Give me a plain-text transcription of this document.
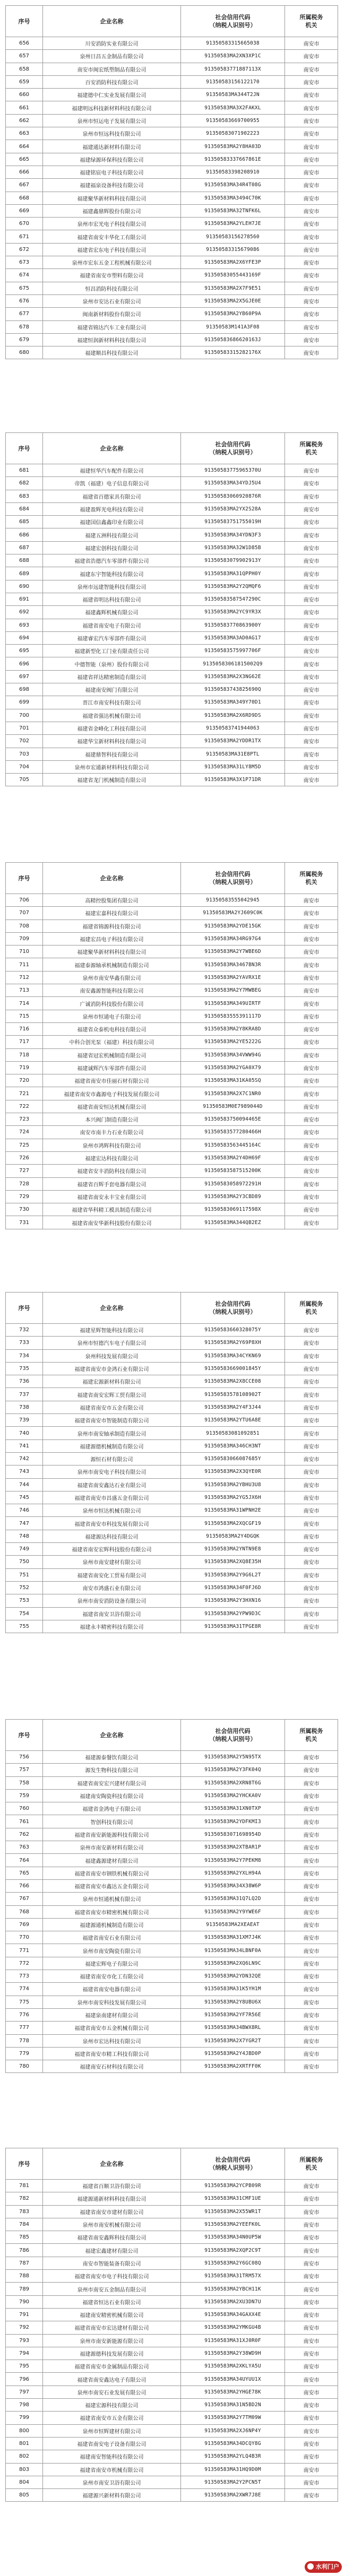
序号	企业名称	社会信用代码
（纳税人识别号）	所属税务
机关
656	川安消防实业有限公司	91350583315665038	南安市
657	泉州日昌五金制品有限公司	91350583MA2XN3XP1C	南安市
658	南安市闽宏纸塑制品有限公司	91350583771887113X	南安市
659	百安消防科技有限公司	91350583156122170	南安市
660	福建德中仁实业发展有限公司	91350583MA344T2JN	南安市
661	福建明远科技新材料科技有限公司	91350583MA3X2FAKXL	南安市
662	泉州市恒运电子发展有限公司	91350583669700955	南安市
663	泉州市恒远科技有限公司	91350583071902223	南安市
664	福建通达新材料有限公司	91350583MA2Y8HA03D	南安市
665	福建绿源环保科技有限公司	91350583337667861E	南安市
666	福建铭宸电子科技有限公司	91350583398208910	南安市
667	福建福泉设备科技有限公司	91350583MA34R4T08G	南安市
668	福建聚华新材料科技有限公司	91350583MA3494C70K	南安市
669	福建鑫鼎辉股份有限公司	91350583MA32TNFK6L	南安市
670	泉州市宏光电子科技有限公司	91350583MA2YLEH7JE	南安市
671	福建省南安丰华化工有限公司	91350583156278560	南安市
672	福建省宏东电子科技有限公司	91350583315679086	南安市
673	泉州市宏东五金工程机械有限公司	91350583MA2X6YFE3P	南安市
674	福建省南安市塑料有限公司	91350583055443169F	南安市
675	恒昌消防科技有限公司	91350583MA2X7F9E51	南安市
676	泉州市安达石业有限公司	91350583MA2X5GJE0E	南安市
677	闽南新材料股份有限公司	91350583MA2YB60P9A	南安市
678	福建省锦达汽车工业有限公司	91350583M141A3F08	南安市
679	福建恒润新材料科技有限公司	91350583686620163J	南安市
680	福建顺昌科技有限公司	91350583315282176X	南安市
序号	企业名称	社会信用代码
（纳税人识别号）	所属税务
机关
681	福建恒华汽车配件有限公司	91350583775965370U	南安市
682	帝凯（福建）电子信息有限公司	91350583MA34YDJ5U4	南安市
683	福建省百德家具有限公司	91350583060920876R	南安市
684	福建盈辉光电科技有限公司	91350583MA2YX2S28A	南安市
685	福建国信鑫鑫印业有限公司	91350583751755019H	南安市
686	福建五洲科技有限公司	91350583MA34YDN3F3	南安市
687	福建宏创科技有限公司	91350583MA32W1D85B	南安市
688	福建省浩德汽车零部件有限公司	91350583079902913Y	南安市
689	福建东宇智能科技有限公司	91350583MA31QPPH0Y	南安市
690	泉州市远建智能科技有限公司	91350583MA2Y2QMQF6	南安市
691	福建省明达科技有限公司	91350583587547290C	南安市
692	福建鑫辉机械有限公司	91350583MA2YC9YR3X	南安市
693	福建省南安电子有限公司	91350583770863900Y	南安市
694	福建睿宏汽车零部件有限公司	91350583MA3AD0AG17	南安市
695	福建新型化工门业有限责任公司	91350583575997706F	南安市
696	中德智能（泉州）股份有限公司	91350583061815002Q9	南安市
697	福建省祥达精密制造有限公司	91350583MA2X3NG62E	南安市
698	福建南安阀门有限公司	91350583743825690Q	南安市
699	晋江市南安科技有限公司	91350583MA349Y70D1	南安市
700	福建省强达机械有限公司	91350583MA2X6RD9DS	南安市
701	福建省金峰化工科技有限公司	91350583741944063	南安市
702	福建华宝新材料科技有限公司	91350583MA2YDDR1TX	南安市
703	福建鼎智科技有限公司	91350583MA31E8PTL	南安市
704	泉州市宏通新材料科技有限公司	91350583MA31LY8M5D	南安市
705	福建省龙门机械制造有限公司	91350583MA3X1P71DR	南安市
序号	企业名称	社会信用代码
（纳税人识别号）	所属税务
机关
706	高精控股集团有限公司	91350583555042945	南安市
707	福建宏嘉科技有限公司	91350583MA2YJ609C0K	南安市
708	福建省锦源科技有限公司	91350583MA2YDE15GK	南安市
709	福建宏昌电子科技有限公司	91350583MA34RG97G4	南安市
710	福建聚华新材料科技有限公司	91350583MA2Y7WBE6D	南安市
711	福建泰源轴承机械制造有限公司	91350583MA3467BN3R	南安市
712	泉州市南安华鑫有限公司	91350583MA2YAVRX1E	南安市
713	南安鑫源智能科技有限公司	91350583MA2Y7MWBEG	南安市
714	广诚消防科技股份有限公司	91350583MA349UIRTF	南安市
715	泉州市恒通电子有限公司	91350583555391117D	南安市
716	福建省众泰机电科技有限公司	91350583MA2Y8KRA8D	南安市
717	中科合创光泵（福建）科技有限公司	91350583MA2YE5222G	南安市
718	福建省冠宏机械制造有限公司	91350583MA34VWW94G	南安市
719	福建诚辉汽车零部件有限公司	91350583MA2YGA0X79	南安市
720	福建省南安市佳丽石材有限公司	91350583MA31KA05SQ	南安市
721	福建省南安市鑫源电子科技发展有限公司	91350583MA2X7C1NR0	南安市
722	福建省南安恒达机械有限公司	91350583M0E7989044D	南安市
723	本兴阀门制造有限公司	91350583750094465E	南安市
724	南安市南丰力石业有限公司	91350583577280466H	南安市
725	泉州市鸿辉科技有限公司	91350583563445164C	南安市
726	福建宏达科技有限公司	91350583MA2Y4DH69F	南安市
727	福建省安丰消防科技有限公司	91350583587515200K	南安市
728	福建省百辉手套电器有限公司	91350583058972291H	南安市
729	福建省南安永丰宝业有限公司	91350583MA2Y3CBD89	南安市
730	福建省华科精工模具制造有限公司	91350583069117598X	南安市
731	福建省南安华新科技股份有限公司	91350583MA344QB2EZ	南安市
序号	企业名称	社会信用代码
（纳税人识别号）	所属税务
机关
732	福建星辉智能科技有限公司	91350583660328075Y	南安市
733	泉州市恒德汽车电子有限公司	91350583MA2Y69P8XH	南安市
734	泉州科技发展有限公司	91350583MA34CYKN69	南安市
735	福建省南安市金鸿石业有限公司	91350583669001845Y	南安市
736	福建宏源新材料有限公司	91350583MA2X8CCE08	南安市
737	福建省南安宏辉工贸有限公司	91350583578108902T	南安市
738	福建省南安市五金有限公司	91350583MA2Y4F3J44	南安市
739	福建省南安市智能制造有限公司	91350583MA2YTU6A8E	南安市
740	泉州市南安轴承制造有限公司	91350583081092851	南安市
741	福建源德机械制造有限公司	91350583MA346CH3NT	南安市
742	源恒石材有限公司	91350583066087685Y	南安市
743	泉州市南安电子科技有限公司	91350583MA2X3QYE0R	南安市
744	福建省南安鑫达石业有限公司	91350583MA2YBHU3U8	南安市
745	福建省南安市昌盛五金有限公司	91350583MA2YG5JX6H	南安市
746	泉州市恒达机械有限公司	91350583MA31WPNH2E	南安市
747	福建省南安市科技发展有限公司	91350583MA2XQCGF19	南安市
748	福建源达科技有限公司	91350583MA2Y4DGQK	南安市
749	福建省南安宏辉科技股份有限公司	91350583MA2YNTN9E8	南安市
750	泉州市南安建材有限公司	91350583MA2XQ8E35H	南安市
751	福建省南安化工贸易有限公司	91350583MA2Y9G6L2T	南安市
752	南安市鸿盛石业有限公司	91350583MA34F0FJ6D	南安市
753	泉州市南安消防设备有限公司	91350583MA2Y3HXN16	南安市
754	福建省南安卫浴有限公司	91350583MA2YPW9D3C	南安市
755	福建永丰精密科技有限公司	91350583MA31TPGE8R	南安市
序号	企业名称	社会信用代码
（纳税人识别号）	所属税务
机关
756	福建源泰餐饮有限公司	91350583MA2Y5N95TX	南安市
757	源发生物科技有限公司	91350583MA2Y3FK04Q	南安市
758	福建省南安宏兴建材有限公司	91350583MA2XRN8T6G	南安市
759	福建南安陶瓷科技有限公司	91350583MA2YHCKA0V	南安市
760	福建省金鸿电子有限公司	91350583MA31XN0TXP	南安市
761	智创科技有限公司	91350583MA2YDFKMI3	南安市
762	福建省南安新能源科技有限公司	91350583071698954D	南安市
763	泉州市南安新材料有限公司	91350583MA2XTBAR1P	南安市
764	福建鑫源建材有限公司	91350583MA2Y7PEKM8	南安市
765	福建省南安市钢铁机械有限公司	91350583MA2YXLH94A	南安市
766	福建省南安市鑫达五金有限公司	91350583MA34X38W6P	南安市
767	泉州市恒通机械有限公司	91350583MA31Q7LQ2D	南安市
768	福建省南安市精密机械有限公司	91350583MA2Y9YWE6F	南安市
769	福建源通机械制造有限公司	91350583MA2XEAEAT	南安市
770	福建省南安石业有限公司	91350583MA31XM7J4K	南安市
771	泉州市南安陶瓷有限公司	91350583MA34LBNF0A	南安市
772	福建宏辉电子有限公司	91350583MA2XQ6LN9C	南安市
773	福建省南安市化工有限公司	91350583MA2YDN32QE	南安市
774	福建省南安电器有限公司	91350583MA31K5YH1M	南安市
775	泉州市南安科技发展有限公司	91350583MA2Y8UBU6X	南安市
776	福建泉南建材有限公司	91350583MA2YF7R56E	南安市
777	福建省南安市五金机械有限公司	91350583MA34BWX8RL	南安市
778	泉州市宏达科技有限公司	91350583MA2X7YGR2T	南安市
779	福建省南安市精工科技有限公司	91350583MA2Y4JBD0P	南安市
780	福建南安石材科技有限公司	91350583MA2XRTFF0K	南安市
序号	企业名称	社会信用代码
（纳税人识别号）	所属税务
机关
781	福建省百顺卫浴有限公司	91350583MA2YCPB09R	南安市
782	福建源通新材料科技有限公司	91350583MA31CMF1UE	南安市
783	福建省南安市建材有限公司	91350583MA2X55WR1T	南安市
784	泉州市南安机械有限公司	91350583MA2YEEFK0L	南安市
785	福建省南安鑫辉科技有限公司	91350583MA34N0UP5W	南安市
786	福建宏鑫建材有限公司	91350583MA2XQP2C9T	南安市
787	南安市智能装备有限公司	91350583MA2Y6GC08Q	南安市
788	福建省南安市电子科技有限公司	91350583MA31TRM57X	南安市
789	泉州市南安五金制品有限公司	91350583MA2YBCH11K	南安市
790	福建省恒达石业有限公司	91350583MA2XU3DN7U	南安市
791	福建南安精密机械有限公司	91350583MA34GAXX4E	南安市
792	福建省南安市宏达建材有限公司	91350583MA2YMKGU4B	南安市
793	泉州市南安新能源有限公司	91350583MA31XJ0R0F	南安市
794	福建源德科技发展有限公司	91350583MA2Y38WD9H	南安市
795	福建省南安市金属制品有限公司	91350583MA2XKLYA5U	南安市
796	福建省南安鑫达电子有限公司	91350583MA34UYUU1X	南安市
797	泉州市南安石业发展有限公司	91350583MA2YHGE78K	南安市
798	福建宏源科技有限公司	91350583MA31N5BD2N	南安市
799	福建省南安市五金有限公司	91350583MA2Y7TM09W	南安市
800	泉州市恒辉建材有限公司	91350583MA2XJ6NP4Y	南安市
801	福建省南安电子设备有限公司	91350583MA34DCQY8G	南安市
802	福建南安智能科技有限公司	91350583MA2YLQ4B3R	南安市
803	福建省南安市机械有限公司	91350583MA31HQ9D0M	南安市
804	泉州市南安卫浴有限公司	91350583MA2Y2PCN5T	南安市
805	福建源兴新材料有限公司	91350583MA2XWR7J8E	南安市
水利门户
